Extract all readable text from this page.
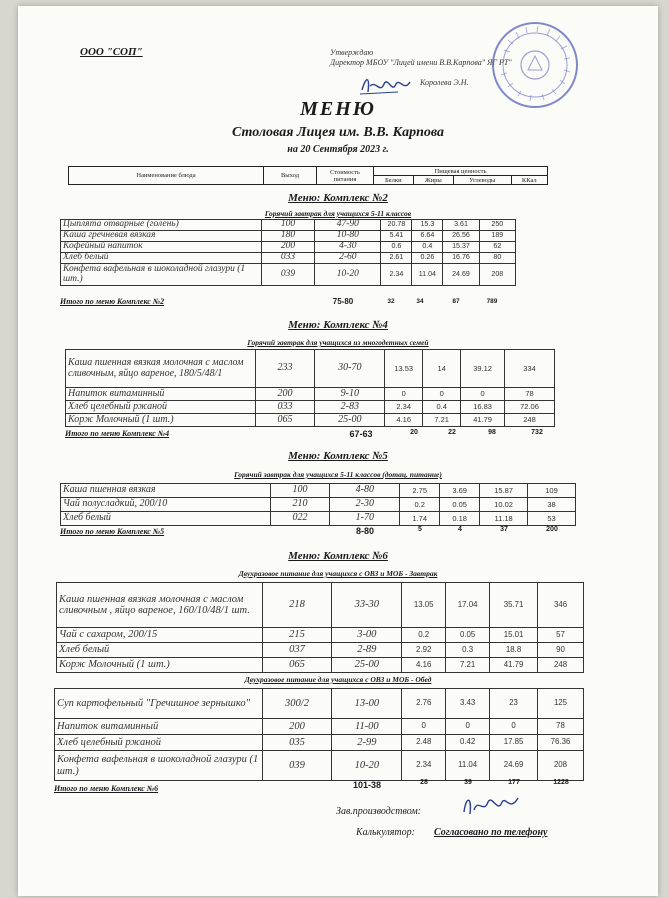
ООО "СОП"	Утверждаю
Директор МБОУ "Лицей имени В.В.Карпова" ЯГ РТ"
Королева Э.Н.
МЕНЮ
Столовая Лицея им. В.В. Карпова
на 20 Сентября 2023 г.
Наименование блюда	Выход	Стоимость питания	Пищевая ценность			
			Белки	Жиры	Углеводы	ККал
Меню: Комплекс №2
Горячий завтрак для учащихся 5-11 классов
Цыплята отварные (голень)	100	47-90	20.78	15.3	3.61	250
Каша гречневая вязкая	180	10-80	5.41	6.64	26.56	189
Кофейный напиток	200	4-30	0.6	0.4	15.37	62
Хлеб белый	033	2-60	2.61	0.26	16.76	80
Конфета вафельная в шоколадной глазури (1 шт.)	039	10-20	2.34	11.04	24.69	208
Итого по меню Комплекс №2	75-80	32	34	87	789
Меню: Комплекс №4
Горячий завтрак для учащихся из многодетных семей
Каша пшенная вязкая молочная с маслом сливочным, яйцо вареное, 180/5/48/1	233	30-70	13.53	14	39.12	334
Напиток витаминный	200	9-10	0	0	0	78
Хлеб целебный ржаной	033	2-83	2.34	0.4	16.83	72.06
Корж Молочный (1 шт.)	065	25-00	4.16	7.21	41.79	248
Итого по меню Комплекс №4	67-63	20	22	98	732
Меню: Комплекс №5
Горячий завтрак для учащихся 5-11 классов (дотац. питание)
Каша пшенная вязкая	100	4-80	2.75	3.69	15.87	109
Чай полусладкий, 200/10	210	2-30	0.2	0.05	10.02	38
Хлеб белый	022	1-70	1.74	0.18	11.18	53
Итого по меню Комплекс №5	8-80	5	4	37	200
Меню: Комплекс №6
Двухразовое питание для учащихся с ОВЗ и МОБ - Завтрак
Каша пшенная вязкая молочная с маслом сливочным , яйцо вареное, 160/10/48/1 шт.	218	33-30	13.05	17.04	35.71	346
Чай с сахаром, 200/15	215	3-00	0.2	0.05	15.01	57
Хлеб белый	037	2-89	2.92	0.3	18.8	90
Корж Молочный (1 шт.)	065	25-00	4.16	7.21	41.79	248
Двухразовое питание для учащихся с ОВЗ и МОБ - Обед
Суп картофельный "Гречишное зернышко"	300/2	13-00	2.76	3.43	23	125
Напиток витаминный	200	11-00	0	0	0	78
Хлеб целебный ржаной	035	2-99	2.48	0.42	17.85	76.36
Конфета вафельная в шоколадной глазури (1 шт.)	039	10-20	2.34	11.04	24.69	208
Итого по меню Комплекс №6	101-38	28	39	177	1228
Зав.производством:
Калькулятор: Согласовано по телефону
